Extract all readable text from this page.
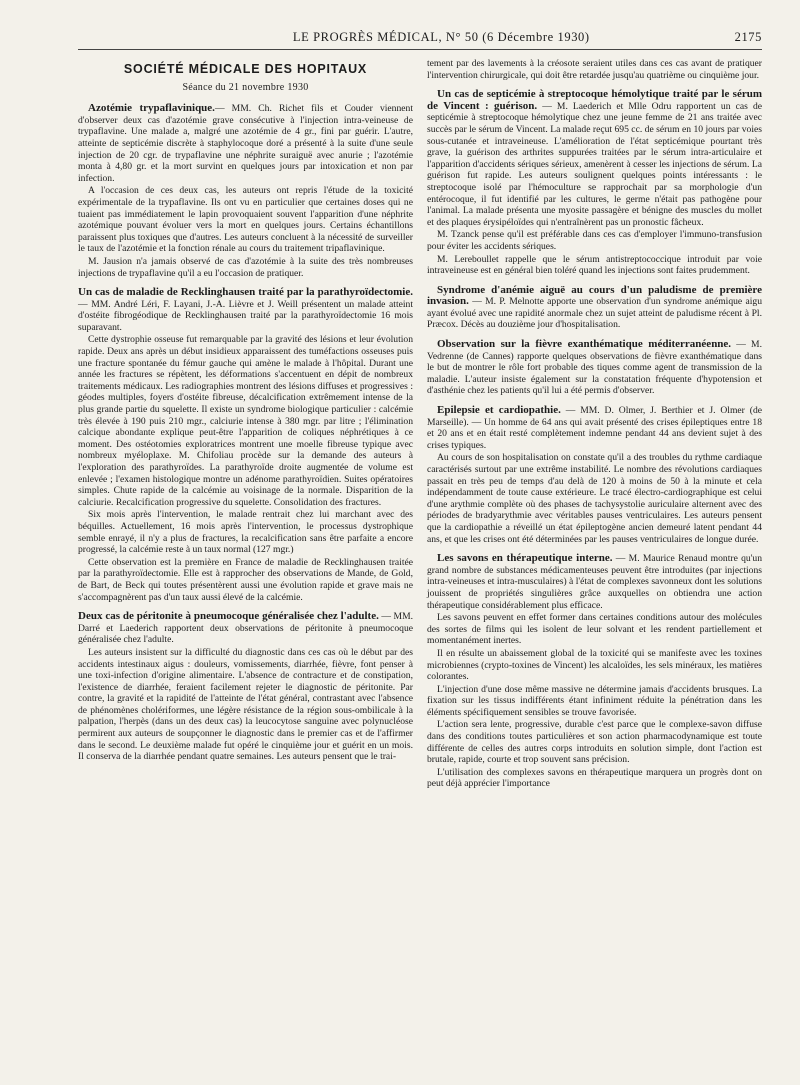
LE PROGRÈS MÉDICAL, N° 50 (6 Décembre 1930)	2175
SOCIÉTÉ MÉDICALE DES HOPITAUX
Séance du 21 novembre 1930

Azotémie trypaflavinique.— MM. Ch. Richet fils et Couder viennent d'observer deux cas d'azotémie grave consécutive à l'injection intra-veineuse de trypaflavine. Une malade a, malgré une azotémie de 4 gr., fini par guérir. L'autre, atteinte de septicémie discrète à staphylocoque doré a présenté à la suite d'une seule injection de 20 cgr. de trypaflavine une néphrite suraiguë avec anurie ; l'azotémie monta à 4,80 gr. et la mort survint en quelques jours par intoxication et non par infection.

A l'occasion de ces deux cas, les auteurs ont repris l'étude de la toxicité expérimentale de la trypaflavine. Ils ont vu en particulier que certaines doses qui ne tuaient pas immédiatement le lapin provoquaient souvent l'apparition d'une néphrite azotémique pouvant évoluer vers la mort en quelques jours. Certains échantillons paraissent plus toxiques que d'autres. Les auteurs concluent à la nécessité de surveiller le taux de l'azotémie et la fonction rénale au cours du traitement tripaflavinique.

M. Jausion n'a jamais observé de cas d'azotémie à la suite des très nombreuses injections de trypaflavine qu'il a eu l'occasion de pratiquer.

Un cas de maladie de Recklinghausen traité par la parathyroïdectomie. — MM. André Léri, F. Layani, J.-A. Lièvre et J. Weill présentent un malade atteint d'ostéite fibrogéodique de Recklinghausen traité par la parathyroïdectomie 16 mois suparavant.

Cette dystrophie osseuse fut remarquable par la gravité des lésions et leur évolution rapide. Deux ans après un début insidieux apparaissent des tuméfactions osseuses puis une fracture spontanée du fémur gauche qui amène le malade à l'hôpital. Durant une année les fractures se répètent, les déformations s'accentuent en dépit de nombreux traitements médicaux. Les radiographies montrent des lésions diffuses et progressives : géodes multiples, foyers d'ostéite fibreuse, décalcification extrêmement intense de la plus grande partie du squelette. Il existe un syndrome biologique particulier : calcémie très élevée à 190 puis 210 mgr., calciurie intense à 380 mgr. par litre ; l'élimination calcique abondante explique peut-être l'apparition de coliques néphrétiques à ce moment. Des ostéotomies exploratrices montrent une moelle fibreuse typique avec nombreux myéloplaxe. M. Chifoliau procède sur la demande des auteurs à l'exploration des parathyroïdes. La parathyroïde droite augmentée de volume est enlevée ; l'examen histologique montre un adénome parathyroïdien. Suites opératoires simples. Chute rapide de la calcémie au voisinage de la normale. Disparition de la calciurie. Recalcification progressive du squelette. Consolidation des fractures.

Six mois après l'intervention, le malade rentrait chez lui marchant avec des béquilles. Actuellement, 16 mois après l'intervention, le processus dystrophique semble enrayé, il n'y a plus de fractures, la recalcification sans être parfaite a encore progressé, la calcémie reste à un taux normal (127 mgr.)

Cette observation est la première en France de maladie de Recklinghausen traitée par la parathyroïdectomie. Elle est à rapprocher des observations de Mande, de Gold, de Bart, de Beck qui toutes présentèrent aussi une évolution rapide et grave mais ne s'accompagnèrent pas d'un taux aussi élevé de la calcémie.

Deux cas de péritonite à pneumocoque généralisée chez l'adulte. — MM. Darré et Laederich rapportent deux observations de péritonite à pneumocoque généralisée chez l'adulte.

Les auteurs insistent sur la difficulté du diagnostic dans ces cas où le début par des accidents intestinaux aigus : douleurs, vomissements, diarrhée, fièvre, font penser à une toxi-infection d'origine alimentaire. L'absence de contracture et de constipation, l'existence de diarrhée, feraient facilement rejeter le diagnostic de péritonite. Par contre, la gravité et la rapidité de l'atteinte de l'état général, contrastant avec l'absence de phénomènes cholériformes, une légère résistance de la région sous-ombilicale à la palpation, l'herpès (dans un des deux cas) la leucocytose sanguine avec polynucléose permirent aux auteurs de soupçonner le diagnostic dans le premier cas et de l'affirmer dans le second. Le deuxième malade fut opéré le cinquième jour et guérit en un mois. Il conserva de la diarrhée pendant quatre semaines. Les auteurs pensent que le trai-

tement par des lavements à la créosote seraient utiles dans ces cas avant de pratiquer l'intervention chirurgicale, qui doit être retardée jusqu'au quatrième ou cinquième jour.

Un cas de septicémie à streptocoque hémolytique traité par le sérum de Vincent : guérison. — M. Laederich et Mlle Odru rapportent un cas de septicémie à streptocoque hémolytique chez une jeune femme de 21 ans traitée avec succès par le sérum de Vincent. La malade reçut 695 cc. de sérum en 10 jours par voies sous-cutanée et intraveineuse. L'amélioration de l'état septicémique pourtant très grave, la guérison des arthrites suppurées traitées par le sérum intra-articulaire et l'apparition d'accidents sériques sérieux, amenèrent à cesser les injections de sérum. La guérison fut rapide. Les auteurs soulignent quelques points intéressants : le streptocoque isolé par l'hémoculture se rapprochait par sa morphologie d'un entérocoque, il fut identifié par les cultures, le germe n'était pas pathogène pour l'animal. La malade présenta une myosite passagère et bénigne des muscles du mollet et des plaques érysipéloïdes qui n'entraînèrent pas un pronostic fâcheux.

M. Tzanck pense qu'il est préférable dans ces cas d'employer l'immuno-transfusion pour éviter les accidents sériques.

M. Lereboullet rappelle que le sérum antistreptococcique introduit par voie intraveineuse est en général bien toléré quand les injections sont faites prudemment.

Syndrome d'anémie aiguë au cours d'un paludisme de première invasion. — M. P. Melnotte apporte une observation d'un syndrome anémique aigu ayant évolué avec une rapidité anormale chez un sujet atteint de paludisme récent à Pl. Præcox. Décès au douzième jour d'hospitalisation.

Observation sur la fièvre exanthématique méditerranéenne. — M. Vedrenne (de Cannes) rapporte quelques observations de fièvre exanthématique dans le but de montrer le rôle fort probable des tiques comme agent de transmission de la maladie. L'auteur insiste également sur la constatation fréquente d'hypotension et d'asthénie chez les patients qu'il lui a été permis d'observer.

Epilepsie et cardiopathie. — MM. D. Olmer, J. Berthier et J. Olmer (de Marseille). — Un homme de 64 ans qui avait présenté des crises épileptiques entre 18 et 20 ans et en était resté complètement indemne pendant 44 ans devient sujet à des crises typiques.

Au cours de son hospitalisation on constate qu'il a des troubles du rythme cardiaque caractérisés surtout par une extrême instabilité. Le nombre des révolutions cardiaques passait en très peu de temps d'au delà de 120 à moins de 50 à la minute et cela indépendamment de toute cause extérieure. Le tracé électro-cardiographique est celui d'une arythmie complète où des phases de tachysystolie auriculaire alternent avec des périodes de bradyarythmie avec véritables pauses ventriculaires. Les auteurs pensent que la cardiopathie a réveillé un état épileptogène ancien demeuré latent pendant 44 ans, et que les crises ont été déterminées par les pauses ventriculaires de longue durée.

Les savons en thérapeutique interne. — M. Maurice Renaud montre qu'un grand nombre de substances médicamenteuses peuvent être introduites (par injections intra-veineuses et intra-musculaires) à l'état de complexes savonneux dont les solutions jouissent de propriétés singulières grâce auxquelles on obtiendra une action thérapeutique considérablement plus efficace.

Les savons peuvent en effet former dans certaines conditions autour des molécules des sortes de films qui les isolent de leur solvant et les rendent partiellement et momentanément inertes.

Il en résulte un abaissement global de la toxicité qui se manifeste avec les toxines microbiennes (crypto-toxines de Vincent) les alcaloïdes, les sels minéraux, les matières colorantes.

L'injection d'une dose même massive ne détermine jamais d'accidents brusques. La fixation sur les tissus indifférents étant infiniment réduite la pénétration dans les éléments spécifiquement sensibles se trouve favorisée.

L'action sera lente, progressive, durable c'est parce que le complexe-savon diffuse dans des conditions toutes particulières et son action pharmacodynamique est toute différente de celles des autres corps introduits en solution simple, dont l'action est brutale, rapide, courte et trop souvent sans précision.

L'utilisation des complexes savons en thérapeutique marquera un progrès dont on peut déjà apprécier l'importance
